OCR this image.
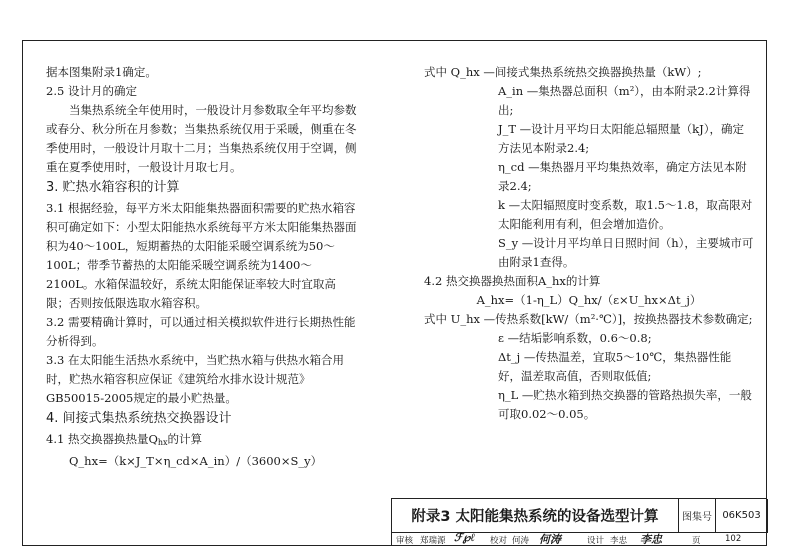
据本图集附录1确定。

2.5 设计月的确定

当集热系统全年使用时，一般设计月参数取全年平均参数或春分、秋分所在月参数；当集热系统仅用于采暖，侧重在冬季使用时，一般设计月取十二月；当集热系统仅用于空调，侧重在夏季使用时，一般设计月取七月。

3. 贮热水箱容积的计算

3.1 根据经验，每平方米太阳能集热器面积需要的贮热水箱容积可确定如下：小型太阳能热水系统每平方米太阳能集热器面积为40～100L，短期蓄热的太阳能采暖空调系统为50～100L；带季节蓄热的太阳能采暖空调系统为1400～2100L。水箱保温较好，系统太阳能保证率较大时宜取高限；否则按低限选取水箱容积。

3.2 需要精确计算时，可以通过相关模拟软件进行长期热性能分析得到。

3.3 在太阳能生活热水系统中，当贮热水箱与供热水箱合用时，贮热水箱容积应保证《建筑给水排水设计规范》GB50015-2005规定的最小贮热量。

4. 间接式集热系统热交换器设计

4.1 热交换器换热量$Q_{hx}$的计算

Q_hx=（k×J_T×η_cd×A_in）/（3600×S_y）

式中 Q_hx —间接式集热系统热交换器换热量（kW）;

A_in —集热器总面积（m²），由本附录2.2计算得出;

J_T —设计月平均日太阳能总辐照量（kJ），确定方法见本附录2.4;

η_cd —集热器月平均集热效率，确定方法见本附录2.4;

k —太阳辐照度时变系数，取1.5～1.8，取高限对太阳能利用有利，但会增加造价。

S_y —设计月平均单日日照时间（h），主要城市可由附录1查得。

4.2 热交换器换热面积A_hx的计算

A_hx=（1-η_L）Q_hx/（ε×U_hx×Δt_j）

式中 U_hx —传热系数[kW/（m²·℃）]，按换热器技术参数确定;

ε —结垢影响系数，0.6～0.8;

Δt_j —传热温差，宜取5～10℃，集热器性能好，温差取高值，否则取低值;

η_L —贮热水箱到热交换器的管路热损失率，一般可取0.02～0.05。

附录3 太阳能集热系统的设备选型计算	图集号	06K503
审核 郑瑞源 ℱ℘ℓ 校对 何涛 何涛	设计 李忠 李忠	页	102
